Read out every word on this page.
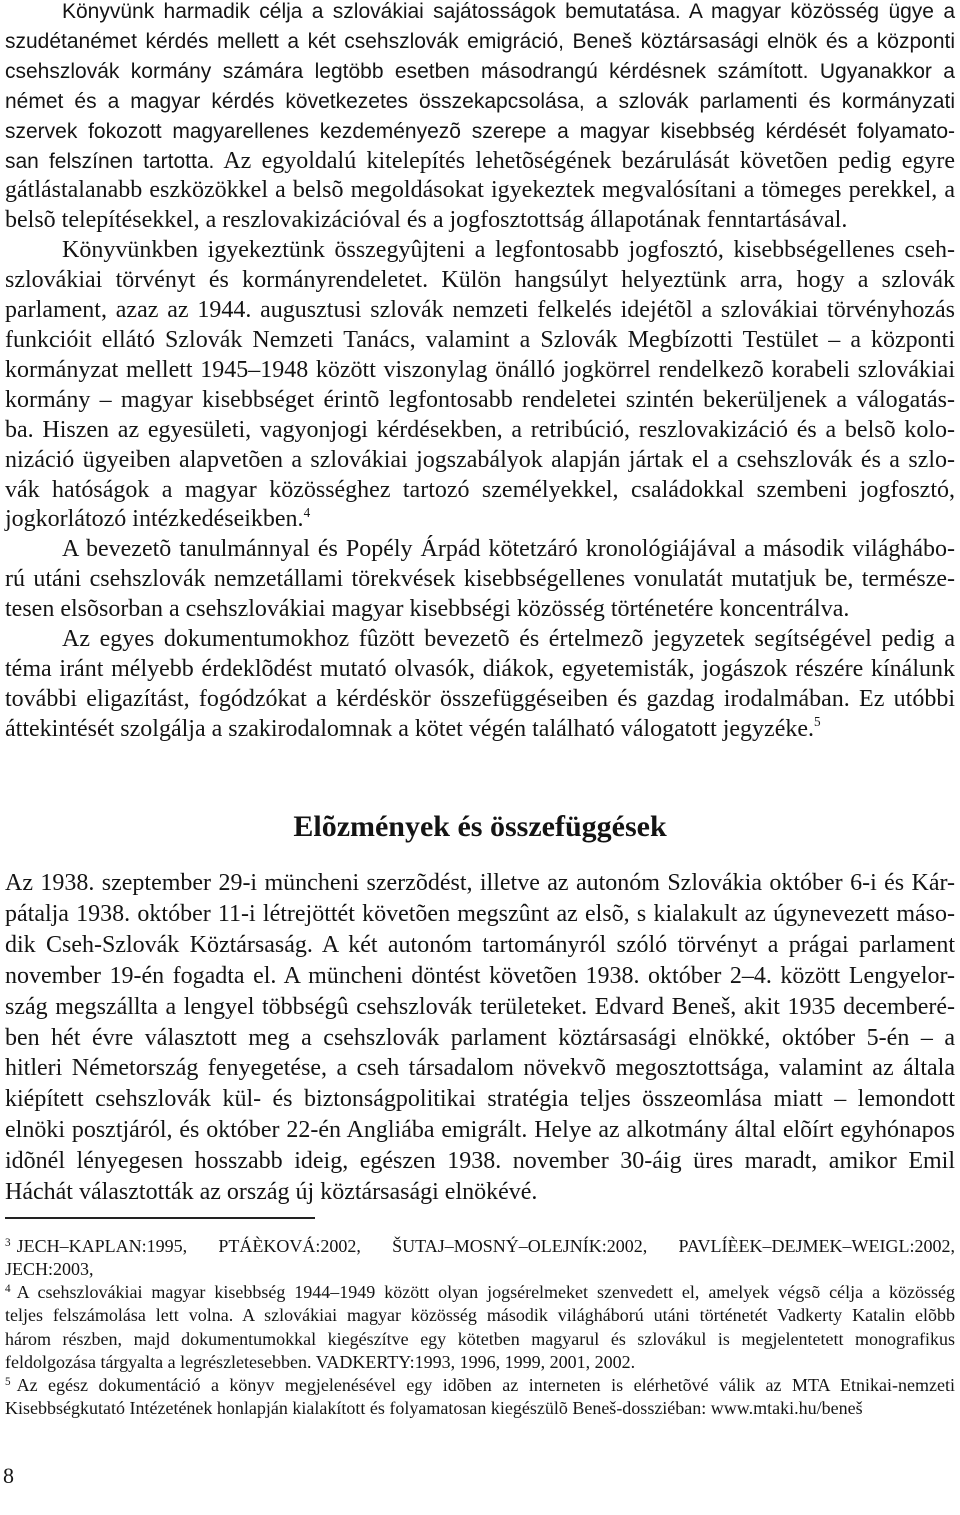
Könyvünk harmadik célja a szlovákiai sajátosságok bemutatása. A magyar közösség ügye a
szudétanémet kérdés mellett a két csehszlovák emigráció, Beneš köztársasági elnök és a központi
csehszlovák kormány számára legtöbb esetben másodrangú kérdésnek számított. Ugyanakkor a
német és a magyar kérdés következetes összekapcsolása, a szlovák parlamenti és kormányzati
szervek fokozott magyarellenes kezdeményezõ szerepe a magyar kisebbség kérdését folyamato-
san felszínen tartotta. Az egyoldalú kitelepítés lehetõségének bezárulását követõen pedig egyre
gátlástalanabb eszközökkel a belsõ megoldásokat igyekeztek megvalósítani a tömeges perekkel, a
belsõ telepítésekkel, a reszlovakizációval és a jogfosztottság állapotának fenntartásával.
Könyvünkben igyekeztünk összegyûjteni a legfontosabb jogfosztó, kisebbségellenes cseh-
szlovákiai törvényt és kormányrendeletet. Külön hangsúlyt helyeztünk arra, hogy a szlovák
parlament, azaz az 1944. augusztusi szlovák nemzeti felkelés idejétõl a szlovákiai törvényhozás
funkcióit ellátó Szlovák Nemzeti Tanács, valamint a Szlovák Megbízotti Testület – a központi
kormányzat mellett 1945–1948 között viszonylag önálló jogkörrel rendelkezõ korabeli szlovákiai
kormány – magyar kisebbséget érintõ legfontosabb rendeletei szintén bekerüljenek a válogatás-
ba. Hiszen az egyesületi, vagyonjogi kérdésekben, a retribúció, reszlovakizáció és a belsõ kolo-
nizáció ügyeiben alapvetõen a szlovákiai jogszabályok alapján jártak el a csehszlovák és a szlo-
vák hatóságok a magyar közösséghez tartozó személyekkel, családokkal szembeni jogfosztó,
jogkorlátozó intézkedéseikben.$^4$
A bevezetõ tanulmánnyal és Popély Árpád kötetzáró kronológiájával a második világhábo-
rú utáni csehszlovák nemzetállami törekvések kisebbségellenes vonulatát mutatjuk be, természe-
tesen elsõsorban a csehszlovákiai magyar kisebbségi közösség történetére koncentrálva.
Az egyes dokumentumokhoz fûzött bevezetõ és értelmezõ jegyzetek segítségével pedig a
téma iránt mélyebb érdeklõdést mutató olvasók, diákok, egyetemisták, jogászok részére kínálunk
további eligazítást, fogódzókat a kérdéskör összefüggéseiben és gazdag irodalmában. Ez utóbbi
áttekintését szolgálja a szakirodalomnak a kötet végén található válogatott jegyzéke.$^5$
Elõzmények és összefüggések
Az 1938. szeptember 29-i müncheni szerzõdést, illetve az autonóm Szlovákia október 6-i és Kár-
pátalja 1938. október 11-i létrejöttét követõen megszûnt az elsõ, s kialakult az úgynevezett máso-
dik Cseh-Szlovák Köztársaság. A két autonóm tartományról szóló törvényt a prágai parlament
november 19-én fogadta el. A müncheni döntést követõen 1938. október 2–4. között Lengyelor-
szág megszállta a lengyel többségû csehszlovák területeket. Edvard Beneš, akit 1935 decemberé-
ben hét évre választott meg a csehszlovák parlament köztársasági elnökké, október 5-én – a
hitleri Németország fenyegetése, a cseh társadalom növekvõ megosztottsága, valamint az általa
kiépített csehszlovák kül- és biztonságpolitikai stratégia teljes összeomlása miatt – lemondott
elnöki posztjáról, és október 22-én Angliába emigrált. Helye az alkotmány által elõírt egyhónapos
idõnél lényegesen hosszabb ideig, egészen 1938. november 30-áig üres maradt, amikor Emil
Háchát választották az ország új köztársasági elnökévé.
$^3$ JECH–KAPLAN:1995, PTÁÈKOVÁ:2002, ŠUTAJ–MOSNÝ–OLEJNÍK:2002, PAVLÍÈEK–DEJMEK–WEIGL:2002,
JECH:2003,
$^4$ A csehszlovákiai magyar kisebbség 1944–1949 között olyan jogsérelmeket szenvedett el, amelyek végsõ célja a közösség
teljes felszámolása lett volna. A szlovákiai magyar közösség második világháború utáni történetét Vadkerty Katalin elõbb
három részben, majd dokumentumokkal kiegészítve egy kötetben magyarul és szlovákul is megjelentetett monografikus
feldolgozása tárgyalta a legrészletesebben. VADKERTY:1993, 1996, 1999, 2001, 2002.
$^5$ Az egész dokumentáció a könyv megjelenésével egy idõben az interneten is elérhetõvé válik az MTA Etnikai-nemzeti
Kisebbségkutató Intézetének honlapján kialakított és folyamatosan kiegészülõ Beneš-dossziéban: www.mtaki.hu/beneš
8
